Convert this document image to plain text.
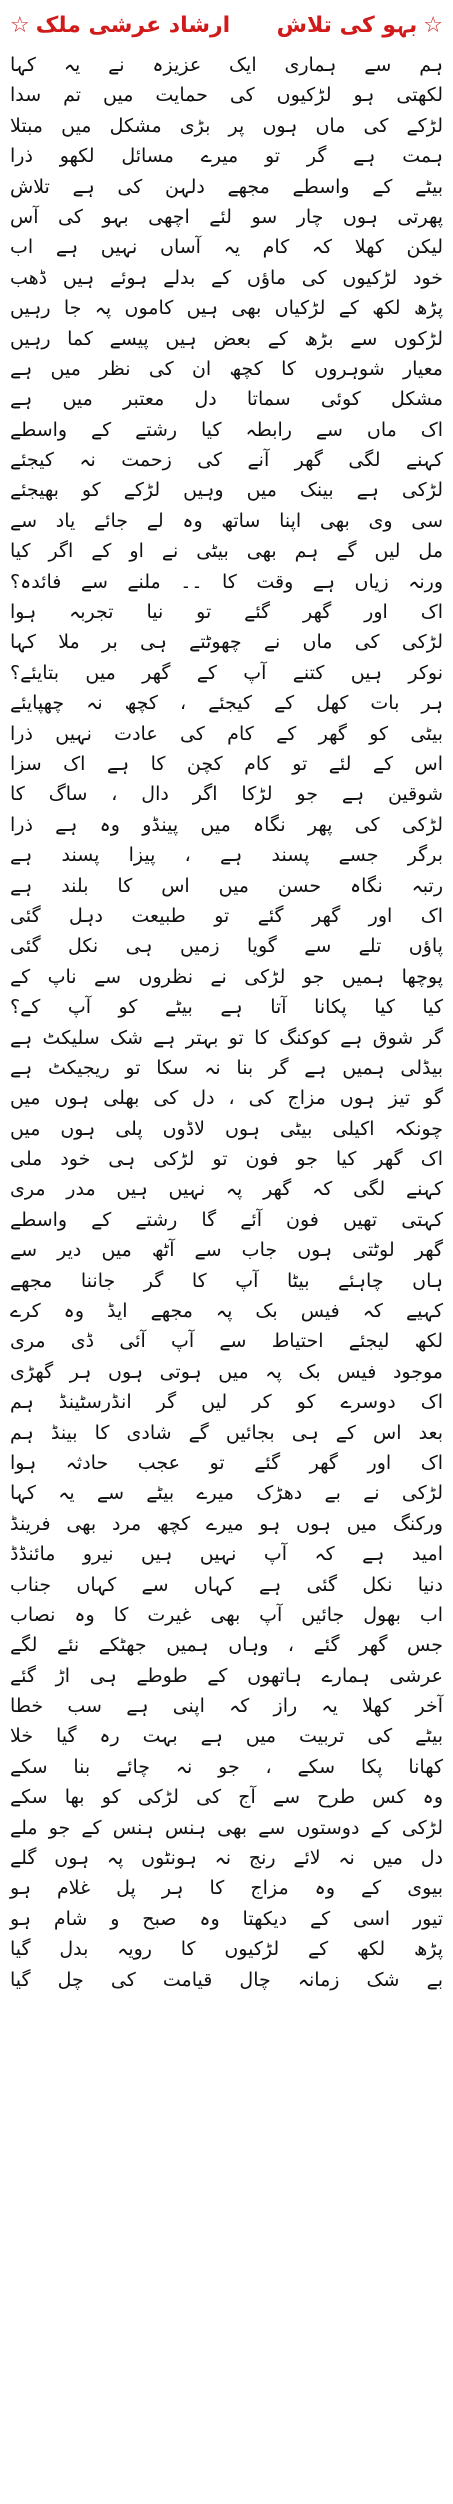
☆
بہو کی تلاش
ارشاد عرشی ملک
☆
ہم سے ہماری ایک عزیزہ نے یہ کہا
لکھتی ہو لڑکیوں کی حمایت میں تم سدا
لڑکے کی ماں ہوں پر بڑی مشکل میں مبتلا
ہمت ہے گر تو میرے مسائل لکھو ذرا
بیٹے کے واسطے مجھے دلہن کی ہے تلاش
پھرتی ہوں چار سو لئے اچھی بہو کی آس
لیکن کھلا کہ کام یہ آساں نہیں ہے اب
خود لڑکیوں کی ماؤں کے بدلے ہوئے ہیں ڈھب
پڑھ لکھ کے لڑکیاں بھی ہیں کاموں پہ جا رہیں
لڑکوں سے بڑھ کے بعض ہیں پیسے کما رہیں
معیار شوہروں کا کچھ ان کی نظر میں ہے
مشکل کوئی سماتا دل معتبر میں ہے
اک ماں سے رابطہ کیا رشتے کے واسطے
کہنے لگی گھر آنے کی زحمت نہ کیجئے
لڑکی ہے بینک میں وہیں لڑکے کو بھیجئے
سی وی بھی اپنا ساتھ وہ لے جائے یاد سے
مل لیں گے ہم بھی بیٹی نے او کے اگر کیا
ورنہ زیاں ہے وقت کا ۔۔ ملنے سے فائدہ؟
اک اور گھر گئے تو نیا تجربہ ہوا
لڑکی کی ماں نے چھوٹتے ہی بر ملا کہا
نوکر ہیں کتنے آپ کے گھر میں بتایئے؟
ہر بات کھل کے کیجئے ، کچھ نہ چھپایئے
بیٹی کو گھر کے کام کی عادت نہیں ذرا
اس کے لئے تو کام کچن کا ہے اک سزا
شوقین ہے جو لڑکا اگر دال ، ساگ کا
لڑکی کی پھر نگاہ میں پینڈو وہ ہے ذرا
برگر جسے پسند ہے ، پیزا پسند ہے
رتبہ نگاہ حسن میں اس کا بلند ہے
اک اور گھر گئے تو طبیعت دہل گئی
پاؤں تلے سے گویا زمیں ہی نکل گئی
پوچھا ہمیں جو لڑکی نے نظروں سے ناپ کے
کیا کیا پکانا آتا ہے بیٹے کو آپ کے؟
گر شوق ہے کوکنگ کا تو بہتر ہے شک سلیکٹ ہے
بیڈلی ہمیں ہے گر بنا نہ سکا تو ریجیکٹ ہے
گو تیز ہوں مزاج کی ، دل کی بھلی ہوں میں
چونکہ اکیلی بیٹی ہوں لاڈوں پلی ہوں میں
اک گھر کیا جو فون تو لڑکی ہی خود ملی
کہنے لگی کہ گھر پہ نہیں ہیں مدر مری
کہتی تھیں فون آئے گا رشتے کے واسطے
گھر لوٹتی ہوں جاب سے آٹھ میں دیر سے
ہاں چاہئے بیٹا آپ کا گر جاننا مجھے
کہیے کہ فیس بک پہ مجھے ایڈ وہ کرے
لکھ لیجئے احتیاط سے آپ آئی ڈی مری
موجود فیس بک پہ میں ہوتی ہوں ہر گھڑی
اک دوسرے کو کر لیں گر انڈرسٹینڈ ہم
بعد اس کے ہی بجائیں گے شادی کا بینڈ ہم
اک اور گھر گئے تو عجب حادثہ ہوا
لڑکی نے بے دھڑک میرے بیٹے سے یہ کہا
ورکنگ میں ہوں ہو میرے کچھ مرد بھی فرینڈ
امید ہے کہ آپ نہیں ہیں نیرو مائنڈڈ
دنیا نکل گئی ہے کہاں سے کہاں جناب
اب بھول جائیں آپ بھی غیرت کا وہ نصاب
جس گھر گئے ، وہاں ہمیں جھٹکے نئے لگے
عرشی ہمارے ہاتھوں کے طوطے ہی اڑ گئے
آخر کھلا یہ راز کہ اپنی ہے سب خطا
بیٹے کی تربیت میں ہے بہت رہ گیا خلا
کھانا پکا سکے ، جو نہ چائے بنا سکے
وہ کس طرح سے آج کی لڑکی کو بھا سکے
لڑکی کے دوستوں سے بھی ہنس ہنس کے جو ملے
دل میں نہ لائے رنج نہ ہونٹوں پہ ہوں گلے
بیوی کے وہ مزاج کا ہر پل غلام ہو
تیور اسی کے دیکھتا وہ صبح و شام ہو
پڑھ لکھ کے لڑکیوں کا رویہ بدل گیا
بے شک زمانہ چال قیامت کی چل گیا
